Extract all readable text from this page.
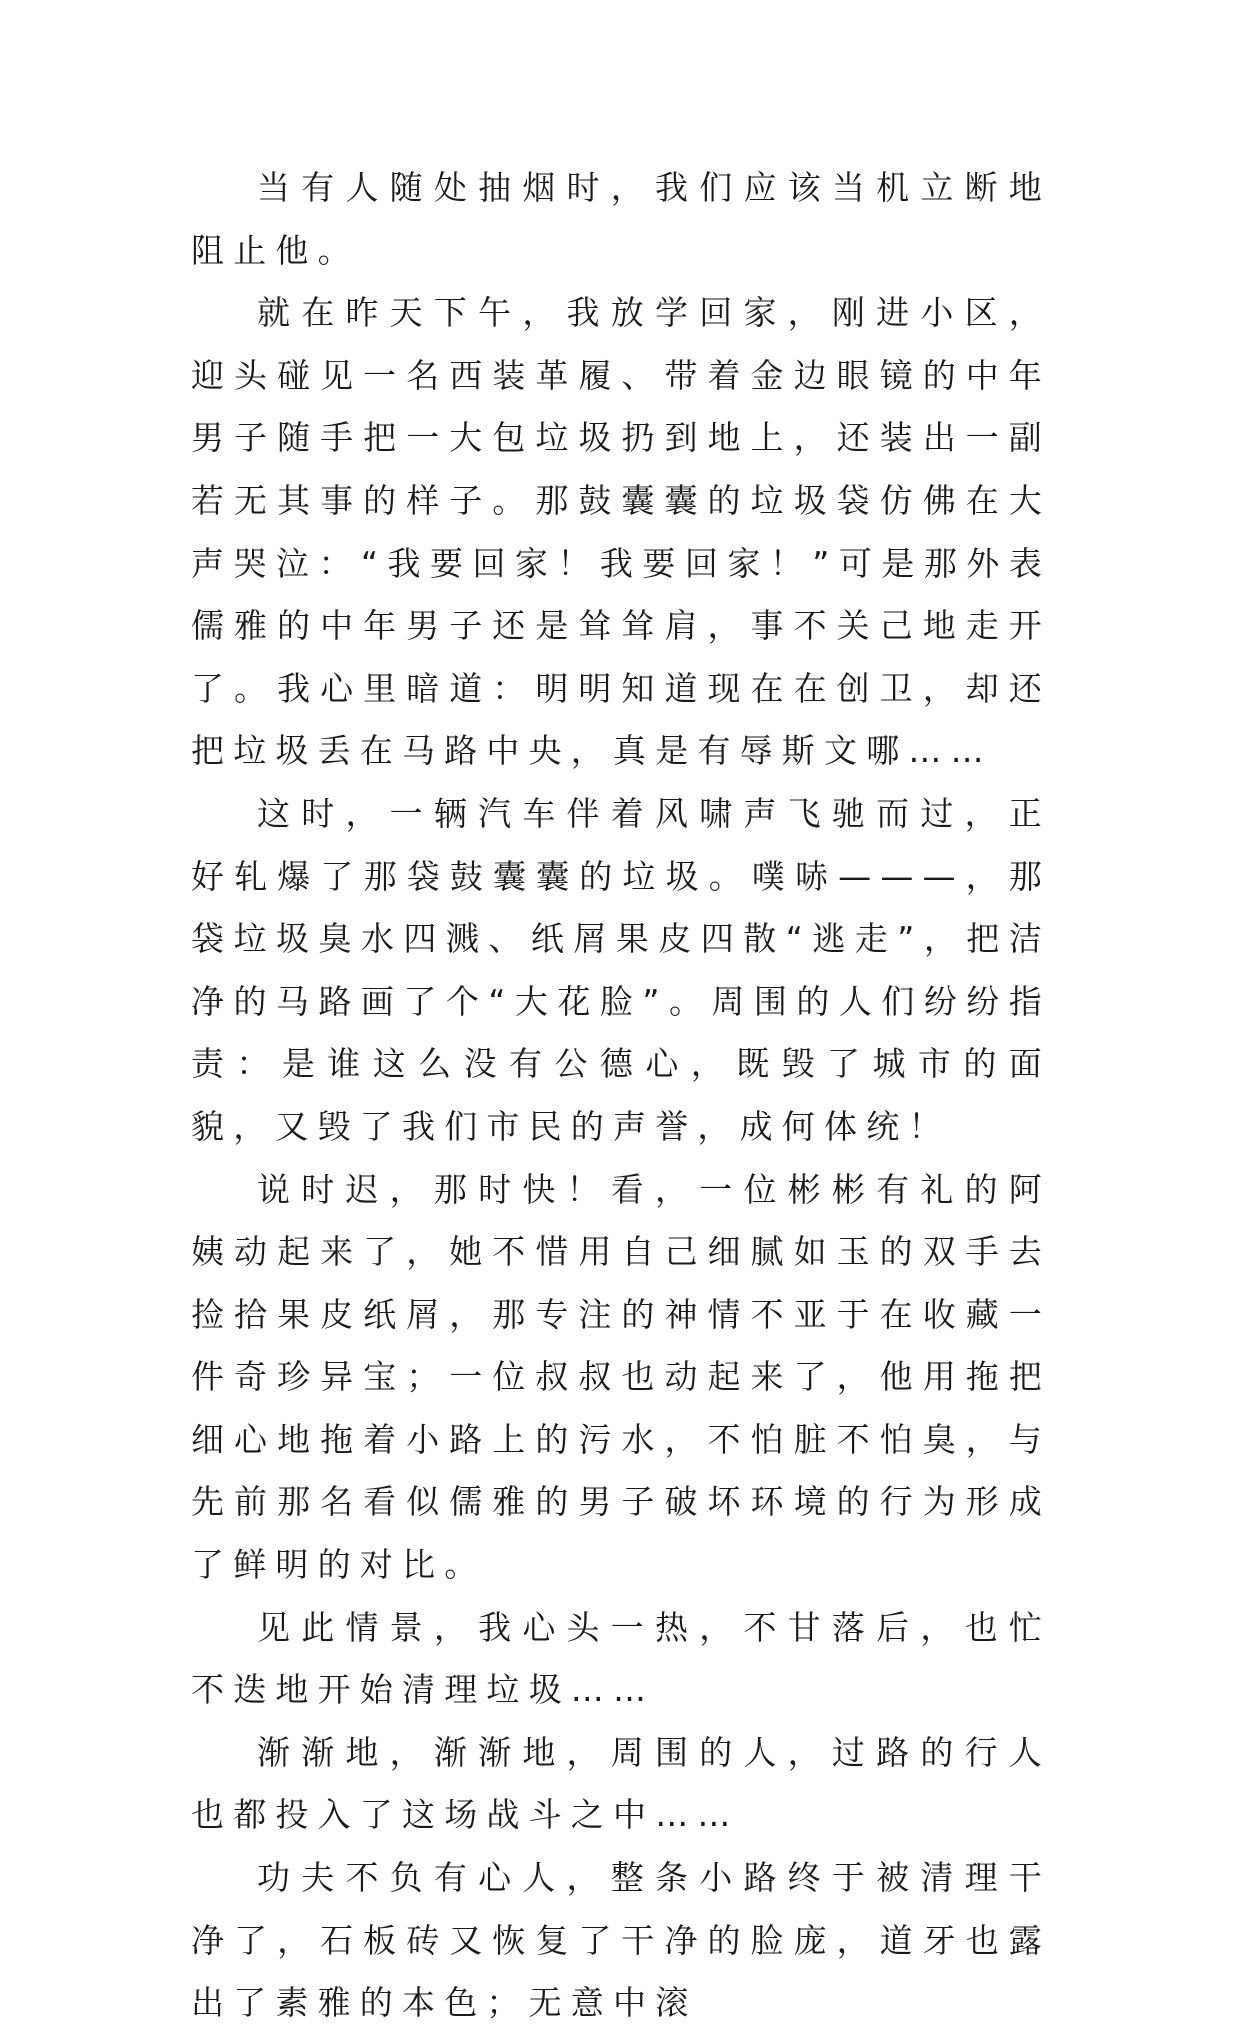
当有人随处抽烟时，我们应该当机立断地阻止他。

就在昨天下午，我放学回家，刚进小区，迎头碰见一名西装革履、带着金边眼镜的中年男子随手把一大包垃圾扔到地上，还装出一副若无其事的样子。那鼓囊囊的垃圾袋仿佛在大声哭泣：“我要回家！我要回家！”可是那外表儒雅的中年男子还是耸耸肩，事不关己地走开了。我心里暗道：明明知道现在在创卫，却还把垃圾丢在马路中央，真是有辱斯文哪……

这时，一辆汽车伴着风啸声飞驰而过，正好轧爆了那袋鼓囊囊的垃圾。噗哧———，那袋垃圾臭水四溅、纸屑果皮四散“逃走”，把洁净的马路画了个“大花脸”。周围的人们纷纷指责：是谁这么没有公德心，既毁了城市的面貌，又毁了我们市民的声誉，成何体统！

说时迟，那时快！看，一位彬彬有礼的阿姨动起来了，她不惜用自己细腻如玉的双手去捡拾果皮纸屑，那专注的神情不亚于在收藏一件奇珍异宝；一位叔叔也动起来了，他用拖把细心地拖着小路上的污水，不怕脏不怕臭，与先前那名看似儒雅的男子破坏环境的行为形成了鲜明的对比。

见此情景，我心头一热，不甘落后，也忙不迭地开始清理垃圾……

渐渐地，渐渐地，周围的人，过路的行人也都投入了这场战斗之中……

功夫不负有心人，整条小路终于被清理干净了，石板砖又恢复了干净的脸庞，道牙也露出了素雅的本色；无意中滚
